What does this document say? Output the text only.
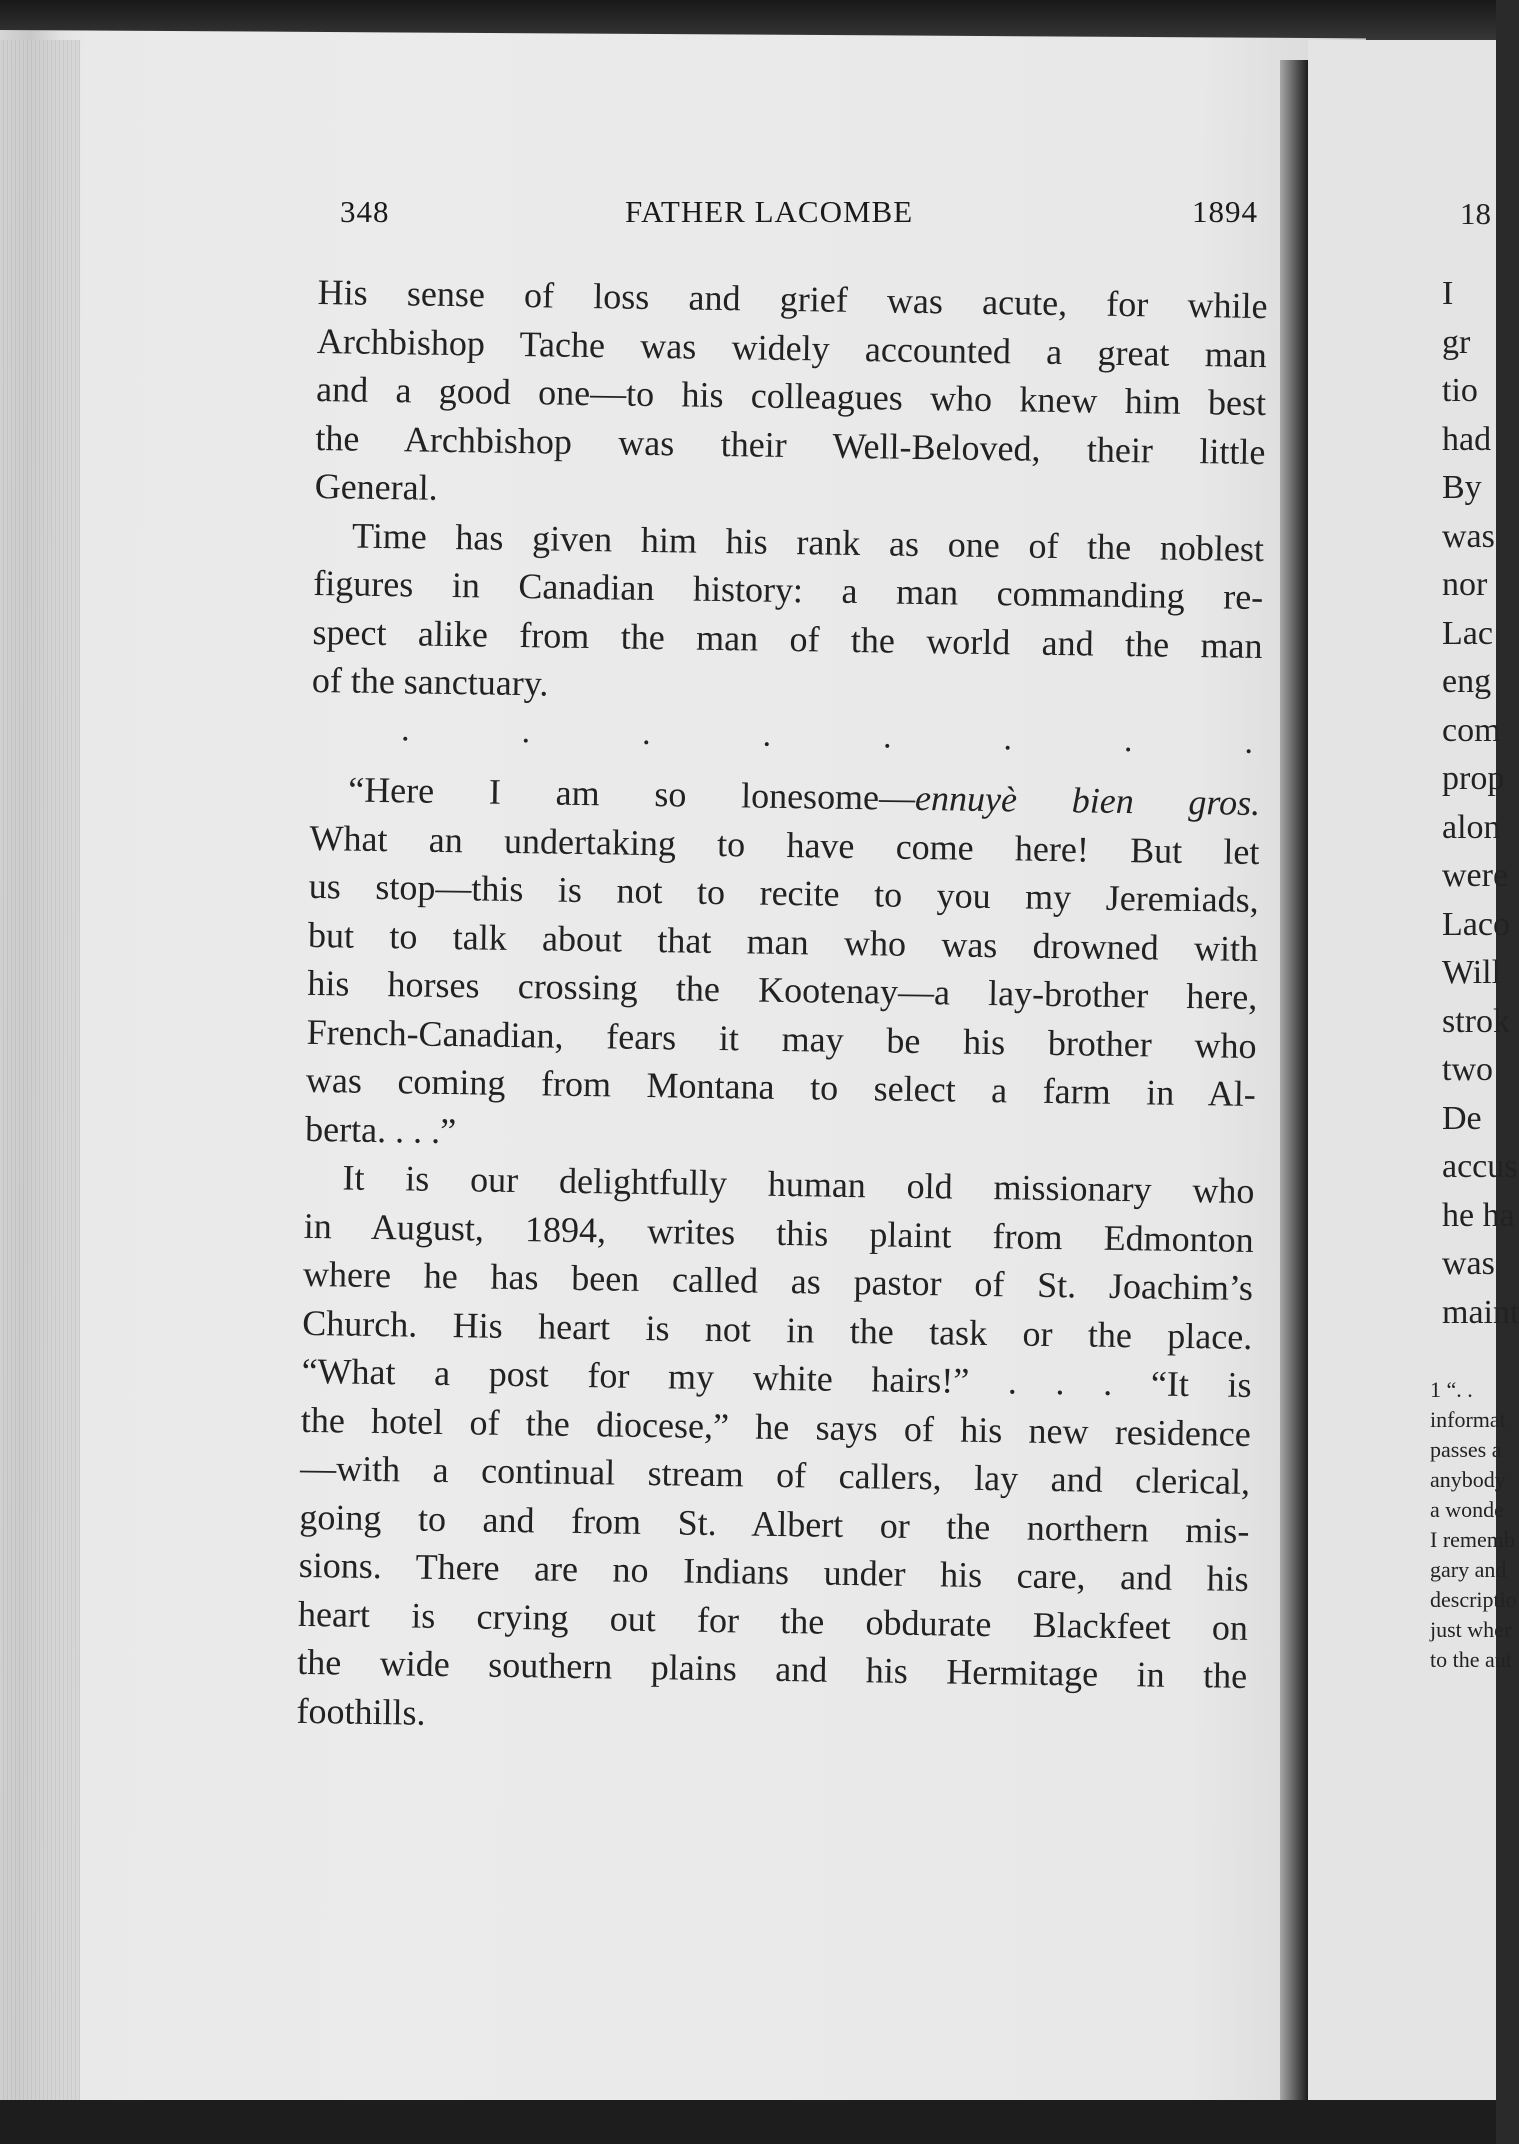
348	FATHER LACOMBE	1894
His sense of loss and grief was acute, for while
Archbishop Tache was widely accounted a great man
and a good one—to his colleagues who knew him best
the Archbishop was their Well-Beloved, their little
General.
Time has given him his rank as one of the noblest
figures in Canadian history: a man commanding re-
spect alike from the man of the world and the man
of the sanctuary.
.	.	.	.	.	.	.	.
“Here I am so lonesome—ennuyè bien gros.
What an undertaking to have come here! But let
us stop—this is not to recite to you my Jeremiads,
but to talk about that man who was drowned with
his horses crossing the Kootenay—a lay-brother here,
French-Canadian, fears it may be his brother who
was coming from Montana to select a farm in Al-
berta. . . .”
It is our delightfully human old missionary who
in August, 1894, writes this plaint from Edmonton
where he has been called as pastor of St. Joachim’s
Church. His heart is not in the task or the place.
“What a post for my white hairs!” . . . “It is
the hotel of the diocese,” he says of his new residence
—with a continual stream of callers, lay and clerical,
going to and from St. Albert or the northern mis-
sions. There are no Indians under his care, and his
heart is crying out for the obdurate Blackfeet on
the wide southern plains and his Hermitage in the
foothills.
18
I
gr
tio
had
By
was
nor
Lac
eng
com
prop
alon
were
Laco
Will
strok
two
De
accus
he ha
was
maint
1 “. .
informat
passes a
anybody
a wonde
I rememb
gary and
descriptio
just wher
to the aut
